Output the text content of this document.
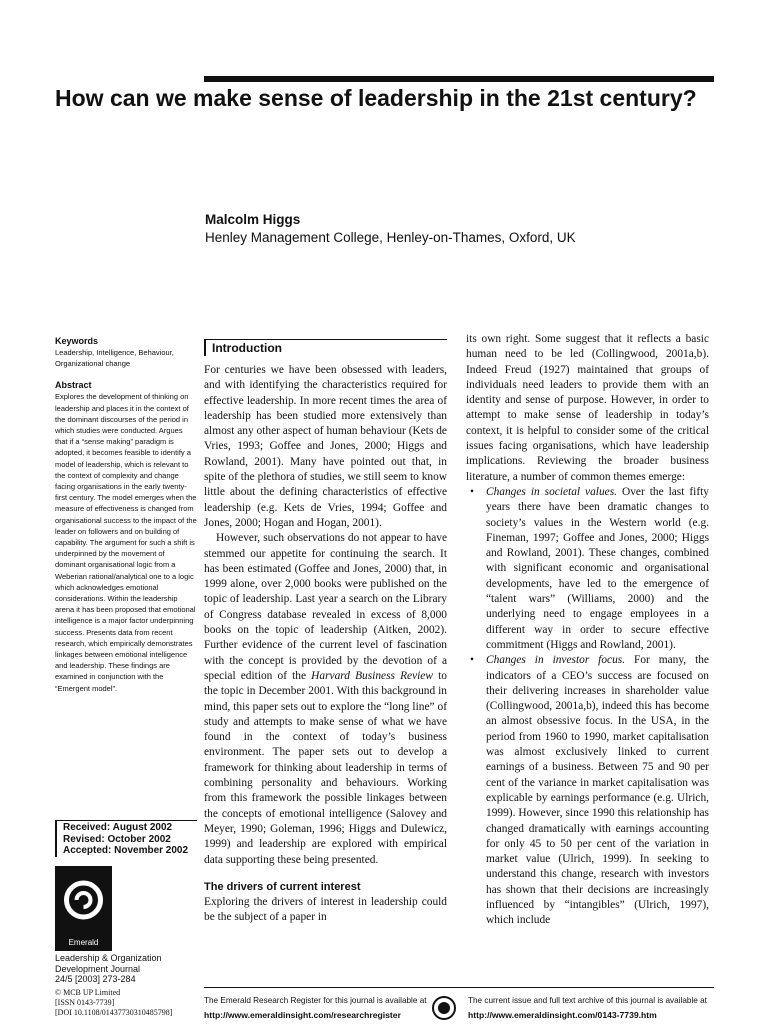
How can we make sense of leadership in the 21st century?
Malcolm Higgs
Henley Management College, Henley-on-Thames, Oxford, UK
Keywords
Leadership, Intelligence, Behaviour, Organizational change
Abstract
Explores the development of thinking on leadership and places it in the context of the dominant discourses of the period in which studies were conducted. Argues that if a “sense making” paradigm is adopted, it becomes feasible to identify a model of leadership, which is relevant to the context of complexity and change facing organisations in the early twenty-first century. The model emerges when the measure of effectiveness is changed from organisational success to the impact of the leader on followers and on building of capability. The argument for such a shift is underpinned by the movement of dominant organisational logic from a Weberian rational/analytical one to a logic which acknowledges emotional considerations. Within the leadership arena it has been proposed that emotional intelligence is a major factor underpinning success. Presents data from recent research, which empirically demonstrates linkages between emotional intelligence and leadership. These findings are examined in conjunction with the “Emergent model”.
Received: August 2002
Revised: October 2002
Accepted: November 2002
Emerald
Leadership & Organization Development Journal
24/5 [2003] 273-284
© MCB UP Limited
[ISSN 0143-7739]
[DOI 10.1108/01437730310485798]
Introduction

For centuries we have been obsessed with leaders, and with identifying the characteristics required for effective leadership. In more recent times the area of leadership has been studied more extensively than almost any other aspect of human behaviour (Kets de Vries, 1993; Goffee and Jones, 2000; Higgs and Rowland, 2001). Many have pointed out that, in spite of the plethora of studies, we still seem to know little about the defining characteristics of effective leadership (e.g. Kets de Vries, 1994; Goffee and Jones, 2000; Hogan and Hogan, 2001).

However, such observations do not appear to have stemmed our appetite for continuing the search. It has been estimated (Goffee and Jones, 2000) that, in 1999 alone, over 2,000 books were published on the topic of leadership. Last year a search on the Library of Congress database revealed in excess of 8,000 books on the topic of leadership (Aitken, 2002). Further evidence of the current level of fascination with the concept is provided by the devotion of a special edition of the Harvard Business Review to the topic in December 2001. With this background in mind, this paper sets out to explore the “long line” of study and attempts to make sense of what we have found in the context of today’s business environment. The paper sets out to develop a framework for thinking about leadership in terms of combining personality and behaviours. Working from this framework the possible linkages between the concepts of emotional intelligence (Salovey and Meyer, 1990; Goleman, 1996; Higgs and Dulewicz, 1999) and leadership are explored with empirical data supporting these being presented.

The drivers of current interest

Exploring the drivers of interest in leadership could be the subject of a paper in

its own right. Some suggest that it reflects a basic human need to be led (Collingwood, 2001a,b). Indeed Freud (1927) maintained that groups of individuals need leaders to provide them with an identity and sense of purpose. However, in order to attempt to make sense of leadership in today’s context, it is helpful to consider some of the critical issues facing organisations, which have leadership implications. Reviewing the broader business literature, a number of common themes emerge:

• Changes in societal values. Over the last fifty years there have been dramatic changes to society’s values in the Western world (e.g. Fineman, 1997; Goffee and Jones, 2000; Higgs and Rowland, 2001). These changes, combined with significant economic and organisational developments, have led to the emergence of “talent wars” (Williams, 2000) and the underlying need to engage employees in a different way in order to secure effective commitment (Higgs and Rowland, 2001).
• Changes in investor focus. For many, the indicators of a CEO’s success are focused on their delivering increases in shareholder value (Collingwood, 2001a,b), indeed this has become an almost obsessive focus. In the USA, in the period from 1960 to 1990, market capitalisation was almost exclusively linked to current earnings of a business. Between 75 and 90 per cent of the variance in market capitalisation was explicable by earnings performance (e.g. Ulrich, 1999). However, since 1990 this relationship has changed dramatically with earnings accounting for only 45 to 50 per cent of the variation in market value (Ulrich, 1999). In seeking to understand this change, research with investors has shown that their decisions are increasingly influenced by “intangibles” (Ulrich, 1997), which include
The Emerald Research Register for this journal is available at
http://www.emeraldinsight.com/researchregister
The current issue and full text archive of this journal is available at
http://www.emeraldinsight.com/0143-7739.htm
